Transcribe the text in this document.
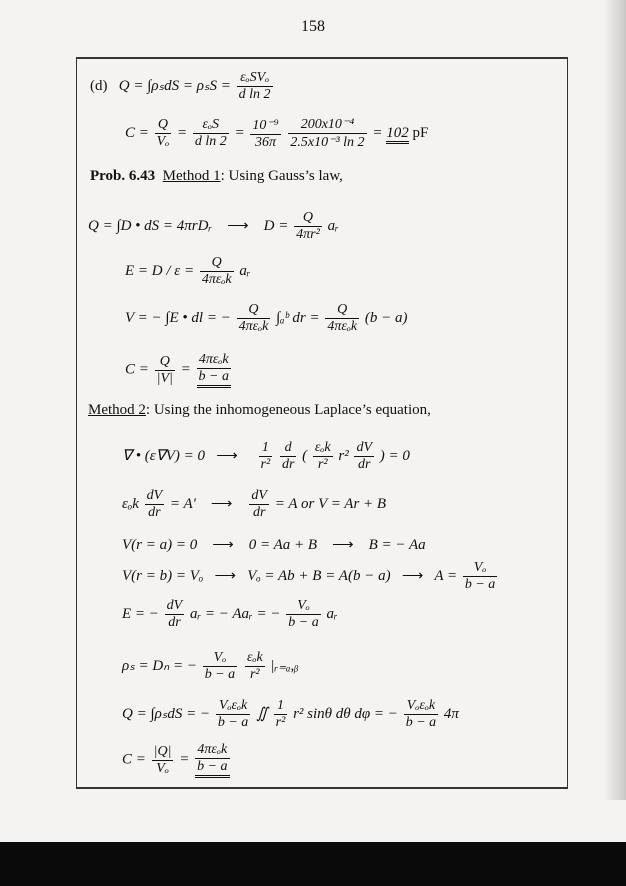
158
(d) $Q = \int\rho_sdS = \rho_sS = \frac{\text{εₒSVₒ}}{\text{d ln 2}}$
$C = \frac{Q}{\text{Vₒ}} = \frac{\text{εₒS}}{\text{d ln 2}} = \frac{\text{10⁻⁹}}{36\pi}$
$\frac{\text{200x10⁻⁴}}{\text{2.5x10⁻³ ln 2}} = 102$ pF
Prob. 6.43 Method 1: Using Gauss’s law,
Q = ∫D • dS = 4πrDᵣ ⟶ $D = \frac{Q}{\text{4πr²}}$ aᵣ
$E = D / \varepsilon = \frac{Q}{\text{4πεₒk}}$ aᵣ
V = − ∫E • dl = − $\frac{Q}{\text{4πεₒk}}$ ∫ₐᵇ dr = $\frac{Q}{\text{4πεₒk}} (b - a)$
$C = \frac{Q}{|V|} = \frac{\text{4πεₒk}}{b - a}$
Method 2: Using the inhomogeneous Laplace’s equation,
∇ • (ε∇V) = 0 ⟶ $\frac{1}{\text{r²}}$
$\frac{d}{dr}$ ( $\frac{\text{εₒk}}{\text{r²}} r^2 \frac{dV}{dr}$ ) = 0
εₒk $\frac{dV}{dr} = A'$ ⟶ $\frac{dV}{dr} = A$ or V = Ar + B
V(r = a) = 0 ⟶ 0 = Aa + B ⟶ B = − Aa
V(r = b) = Vₒ ⟶ Vₒ = Ab + B = A(b − a) ⟶ $A = \frac{\text{Vₒ}}{b - a}$
E = − $\frac{dV}{dr}$ aᵣ = − Aaᵣ = − $\frac{\text{Vₒ}}{b - a}$ aᵣ
ρₛ = Dₙ = − $\frac{\text{Vₒ}}{b - a}$
$\frac{\text{εₒk}}{\text{r²}}$ |ᵣ₌ₐ,ᵦ
Q = ∫ρₛdS = − $\frac{\text{Vₒεₒk}}{b - a}$ ∬ $\frac{1}{\text{r²}} r^2$ sinθ dθ dφ = − $\frac{\text{Vₒεₒk}}{b - a} 4\pi$
$C = \frac{|Q|}{\text{Vₒ}} = \frac{\text{4πεₒk}}{b - a}$
